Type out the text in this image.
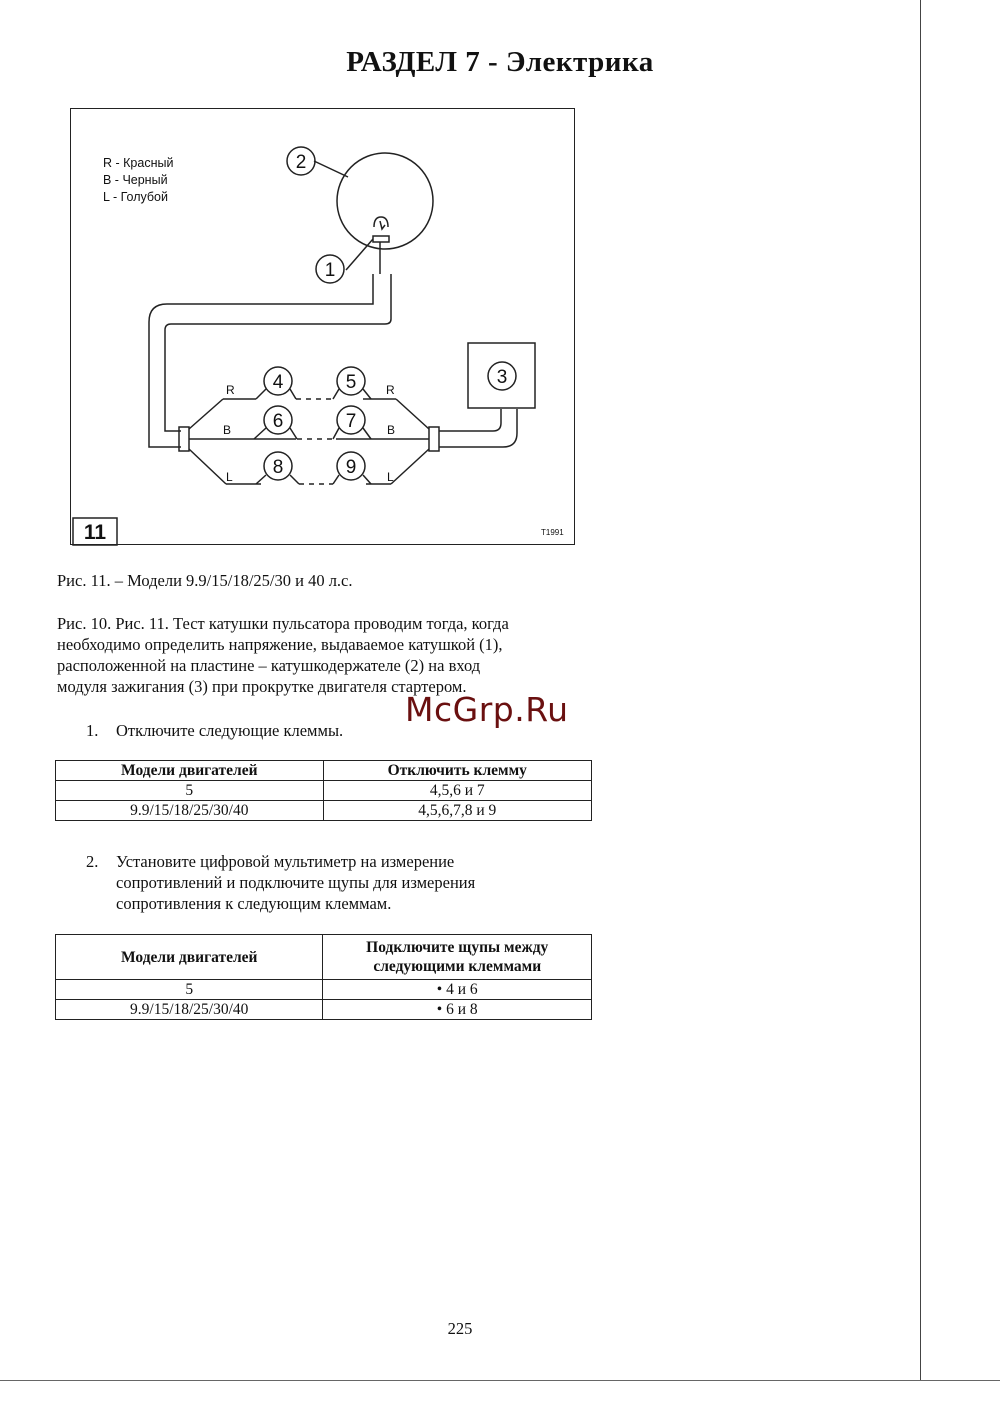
РАЗДЕЛ 7 - Электрика
R - Красный
B - Черный
L - Голубой
2
1
3
4	5
6	7
8	9
R	R
B	B
L	L
11	T1991
Рис. 11. – Модели 9.9/15/18/25/30 и 40 л.с.
Рис. 10. Рис. 11. Тест катушки пульсатора проводим тогда, когда
необходимо определить напряжение, выдаваемое катушкой (1),
расположенной на пластине – катушкодержателе (2) на вход
модуля зажигания (3) при прокрутке двигателя стартером.
McGrp.Ru
1. Отключите следующие клеммы.
Модели двигателей	Отключить клемму
5	4,5,6 и 7
9.9/15/18/25/30/40	4,5,6,7,8 и 9
2. Установите цифровой мультиметр на измерение
сопротивлений и подключите щупы для измерения
сопротивления к следующим клеммам.
Модели двигателей	Подключите щупы между следующими клеммами
5	• 4 и 6
9.9/15/18/25/30/40	• 6 и 8
225
